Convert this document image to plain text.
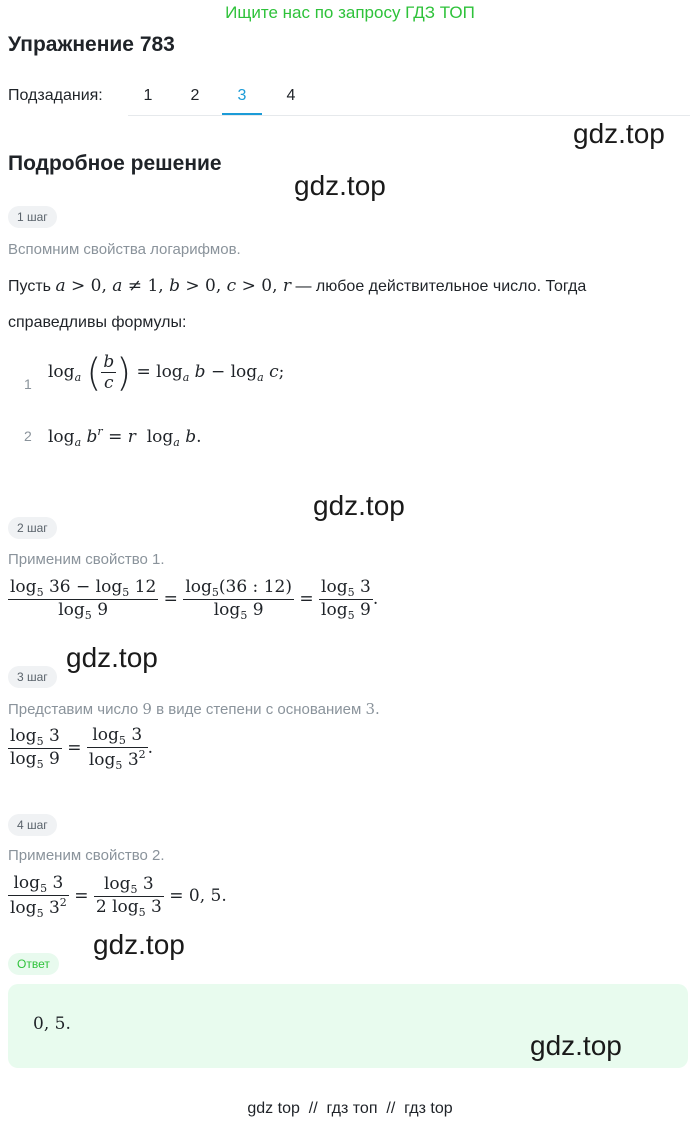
Ищите нас по запросу ГДЗ ТОП
Упражнение 783
Подзадания:	1	2	3	4
gdz.top
Подробное решение
gdz.top
1 шаг
Вспомним свойства логарифмов.
Пусть a > 0, a ≠ 1, b > 0, c > 0, r — любое действительное число. Тогда
справедливы формулы:
1
$\log_a$ ( $\frac{b}{c}$ ) = $\log_a b - \log_a c$;
2 $\log_a b^r = r$  $\log_a b$.
gdz.top
2 шаг
Применим свойство 1.
$\frac{\log_5 36 - \log_5 12}{\log_5 9} = \frac{\log_5(36 : 12)}{\log_5 9} = \frac{\log_5 3}{\log_5 9}$ .
gdz.top
3 шаг
Представим число 9 в виде степени с основанием 3.
$\frac{\log_5 3}{\log_5 9} = \frac{\log_5 3}{\log_5 3^2}$ .
4 шаг
Применим свойство 2.
$\frac{\log_5 3}{\log_5 3^2} = \frac{\log_5 3}{2 \log_5 3} = 0$, 5.
gdz.top
Ответ
0, 5.
gdz.top
gdz top  //  гдз топ  //  гдз top
